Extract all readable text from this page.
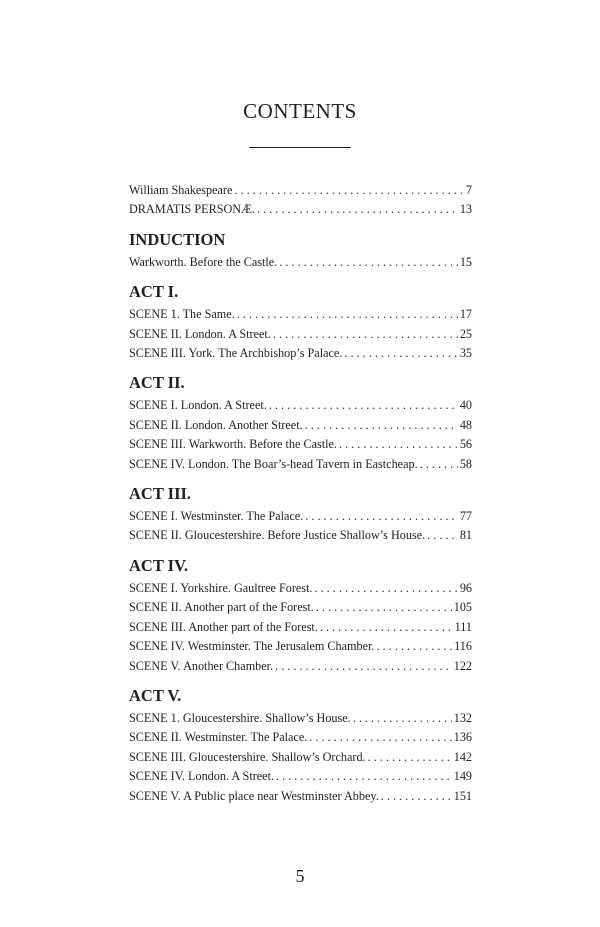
CONTENTS
William Shakespeare . . .	7
DRAMATIS PERSONÆ. . . .	13
INDUCTION
Warkworth. Before the Castle. . . .	15
ACT I.
SCENE 1. The Same. . . .	17
SCENE II. London. A Street. . . .	25
SCENE III. York. The Archbishop’s Palace. . . .	35
ACT II.
SCENE I. London. A Street. . . .	40
SCENE II. London. Another Street. . . .	48
SCENE III. Warkworth. Before the Castle. . . .	56
SCENE IV. London. The Boar’s-head Tavern in Eastcheap. . . .	58
ACT III.
SCENE I. Westminster. The Palace. . . .	77
SCENE II. Gloucestershire. Before Justice Shallow’s House. . . .	81
ACT IV.
SCENE I. Yorkshire. Gaultree Forest. . . .	96
SCENE II. Another part of the Forest. . . .	105
SCENE III. Another part of the Forest. . . .	111
SCENE IV. Westminster. The Jerusalem Chamber. . . .	116
SCENE V. Another Chamber. . . .	122
ACT V.
SCENE 1. Gloucestershire. Shallow’s House. . . .	132
SCENE II. Westminster. The Palace. . . .	136
SCENE III. Gloucestershire. Shallow’s Orchard. . . .	142
SCENE IV. London. A Street. . . .	149
SCENE V. A Public place near Westminster Abbey. . . .	151
5
